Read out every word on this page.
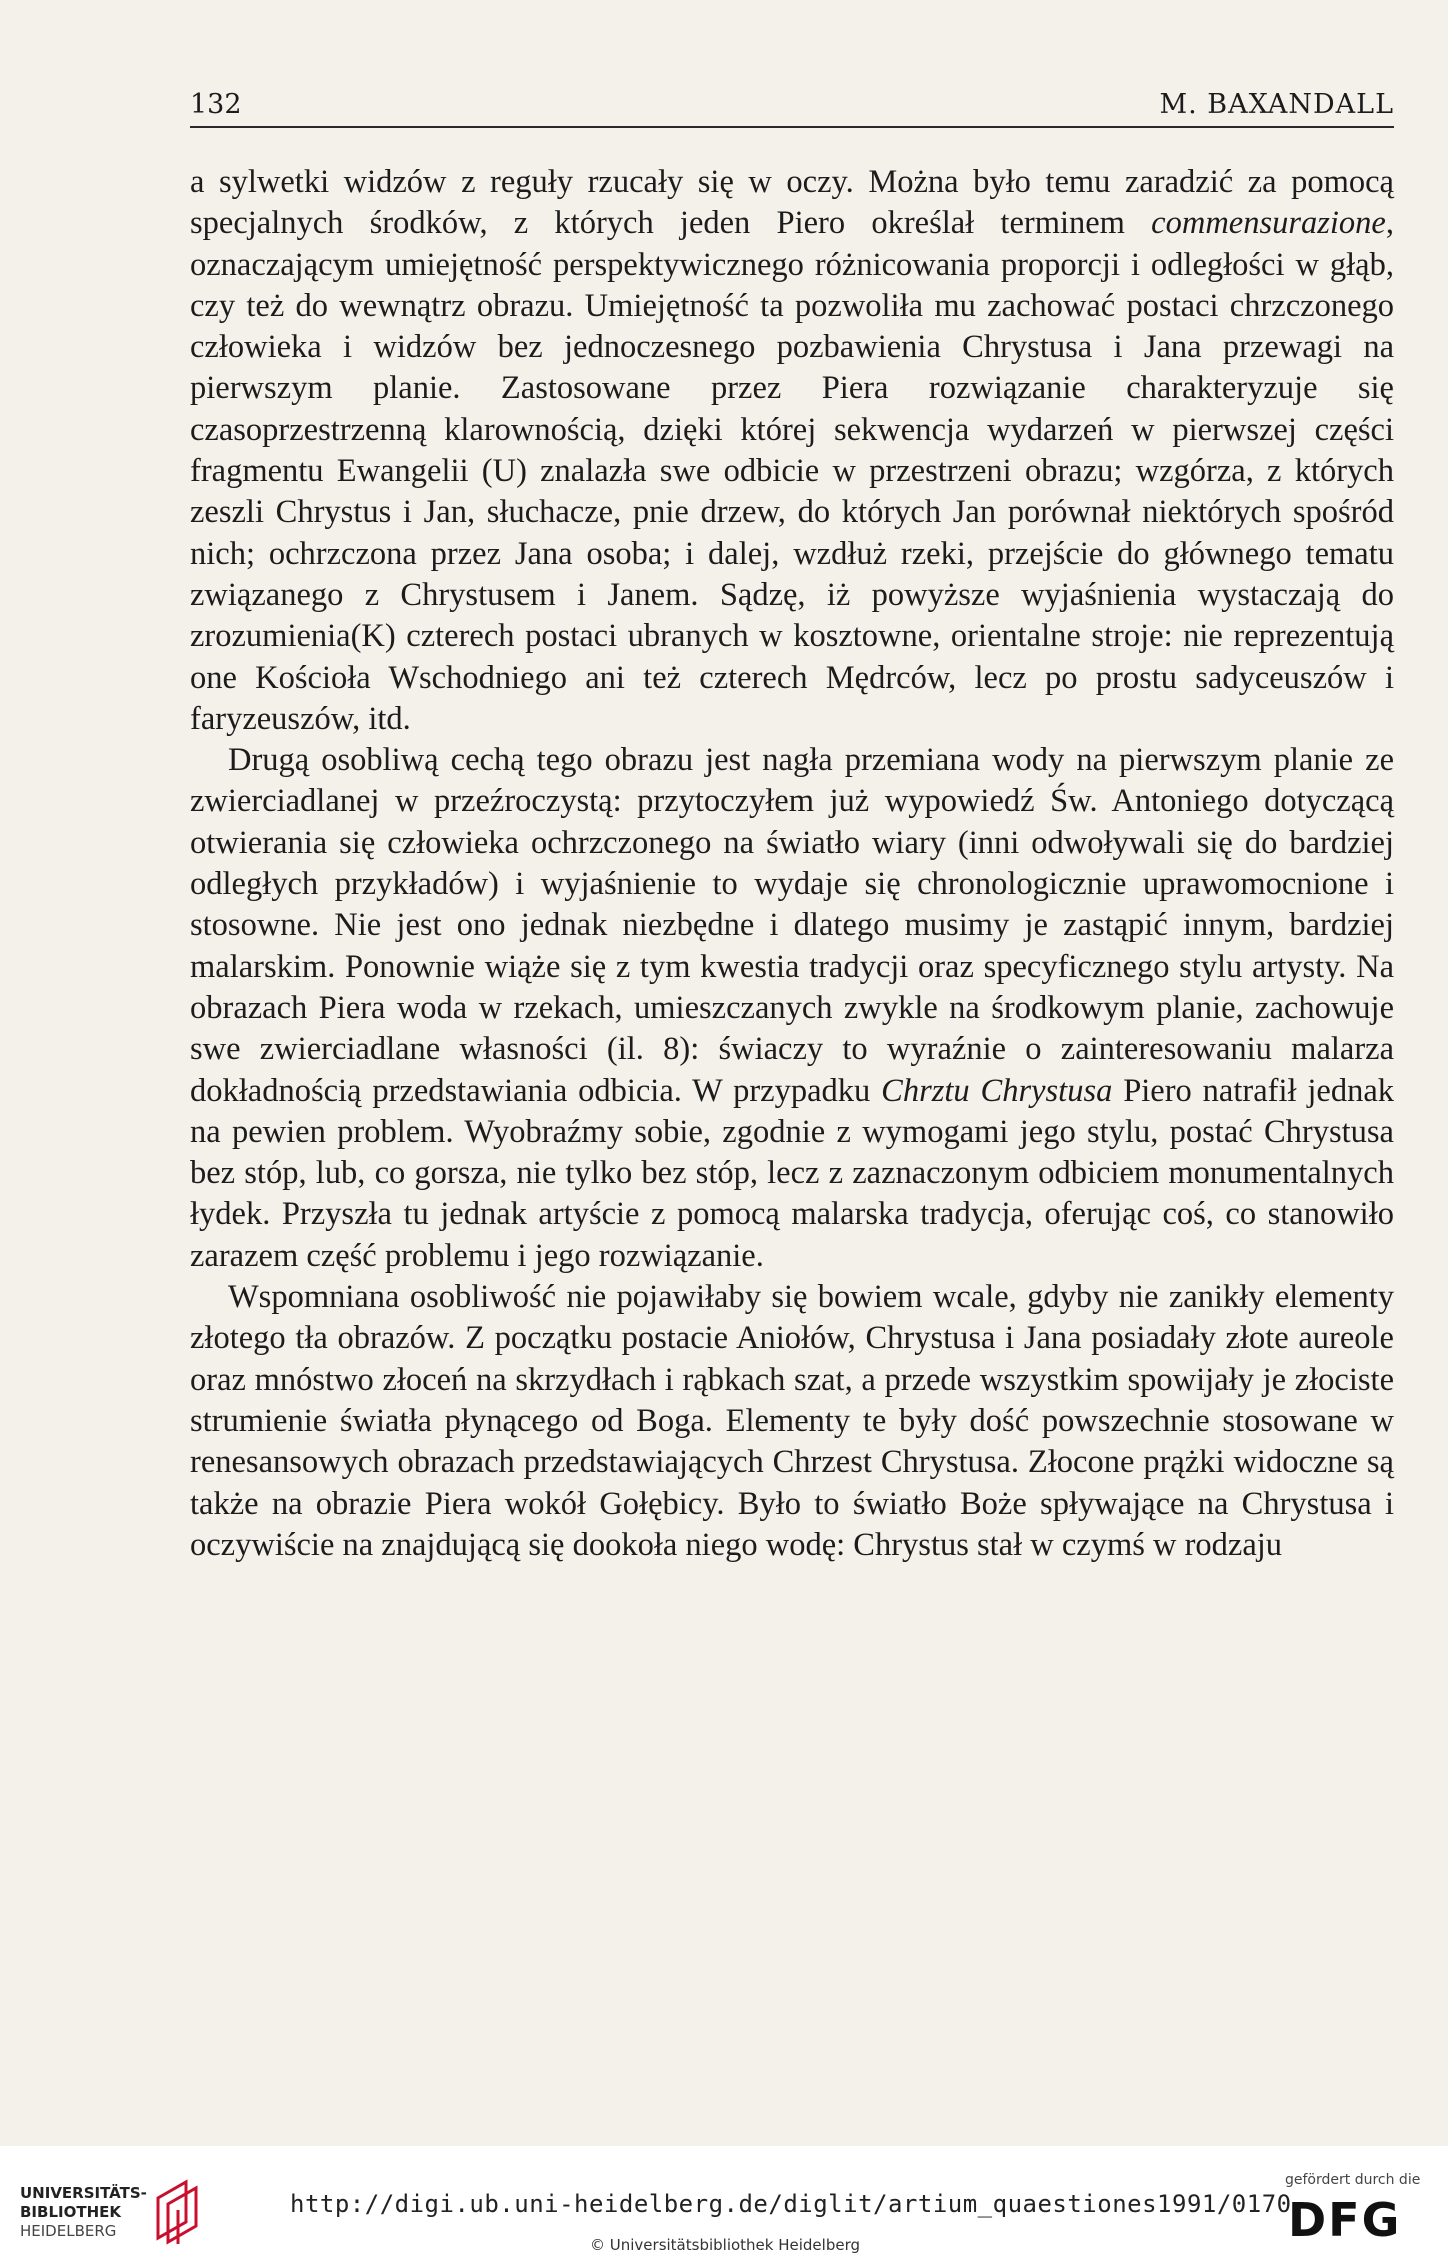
132	M. BAXANDALL

a sylwetki widzów z reguły rzucały się w oczy. Można było temu zaradzić za pomocą specjalnych środków, z których jeden Piero określał terminem commensurazione, oznaczającym umiejętność perspektywicznego różnicowania proporcji i odległości w głąb, czy też do wewnątrz obrazu. Umiejętność ta pozwoliła mu zachować postaci chrzczonego człowieka i widzów bez jednoczesnego pozbawienia Chrystusa i Jana przewagi na pierwszym planie. Zastosowane przez Piera rozwiązanie charakteryzuje się czasoprzestrzenną klarownością, dzięki której sekwencja wydarzeń w pierwszej części fragmentu Ewangelii (U) znalazła swe odbicie w przestrzeni obrazu; wzgórza, z których zeszli Chrystus i Jan, słuchacze, pnie drzew, do których Jan porównał niektórych spośród nich; ochrzczona przez Jana osoba; i dalej, wzdłuż rzeki, przejście do głównego tematu związanego z Chrystusem i Janem. Sądzę, iż powyższe wyjaśnienia wystaczają do zrozumienia(K) czterech postaci ubranych w kosztowne, orientalne stroje: nie reprezentują one Kościoła Wschodniego ani też czterech Mędrców, lecz po prostu sadyceuszów i faryzeuszów, itd.

Drugą osobliwą cechą tego obrazu jest nagła przemiana wody na pierwszym planie ze zwierciadlanej w przeźroczystą: przytoczyłem już wypowiedź Św. Antoniego dotyczącą otwierania się człowieka ochrzczonego na światło wiary (inni odwoływali się do bardziej odległych przykładów) i wyjaśnienie to wydaje się chronologicznie uprawomocnione i stosowne. Nie jest ono jednak niezbędne i dlatego musimy je zastąpić innym, bardziej malarskim. Ponownie wiąże się z tym kwestia tradycji oraz specyficznego stylu artysty. Na obrazach Piera woda w rzekach, umieszczanych zwykle na środkowym planie, zachowuje swe zwierciadlane własności (il. 8): świaczy to wyraźnie o zainteresowaniu malarza dokładnością przedstawiania odbicia. W przypadku Chrztu Chrystusa Piero natrafił jednak na pewien problem. Wyobraźmy sobie, zgodnie z wymogami jego stylu, postać Chrystusa bez stóp, lub, co gorsza, nie tylko bez stóp, lecz z zaznaczonym odbiciem monumentalnych łydek. Przyszła tu jednak artyście z pomocą malarska tradycja, oferując coś, co stanowiło zarazem część problemu i jego rozwiązanie.

Wspomniana osobliwość nie pojawiłaby się bowiem wcale, gdyby nie zanikły elementy złotego tła obrazów. Z początku postacie Aniołów, Chrystusa i Jana posiadały złote aureole oraz mnóstwo złoceń na skrzydłach i rąbkach szat, a przede wszystkim spowijały je złociste strumienie światła płynącego od Boga. Elementy te były dość powszechnie stosowane w renesansowych obrazach przedstawiających Chrzest Chrystusa. Złocone prążki widoczne są także na obrazie Piera wokół Gołębicy. Było to światło Boże spływające na Chrystusa i oczywiście na znajdującą się dookoła niego wodę: Chrystus stał w czymś w rodzaju

UNIVERSITÄTS-
BIBLIOTHEK
HEIDELBERG
http://digi.ub.uni-heidelberg.de/diglit/artium_quaestiones1991/0170
© Universitätsbibliothek Heidelberg
gefördert durch die
DFG
